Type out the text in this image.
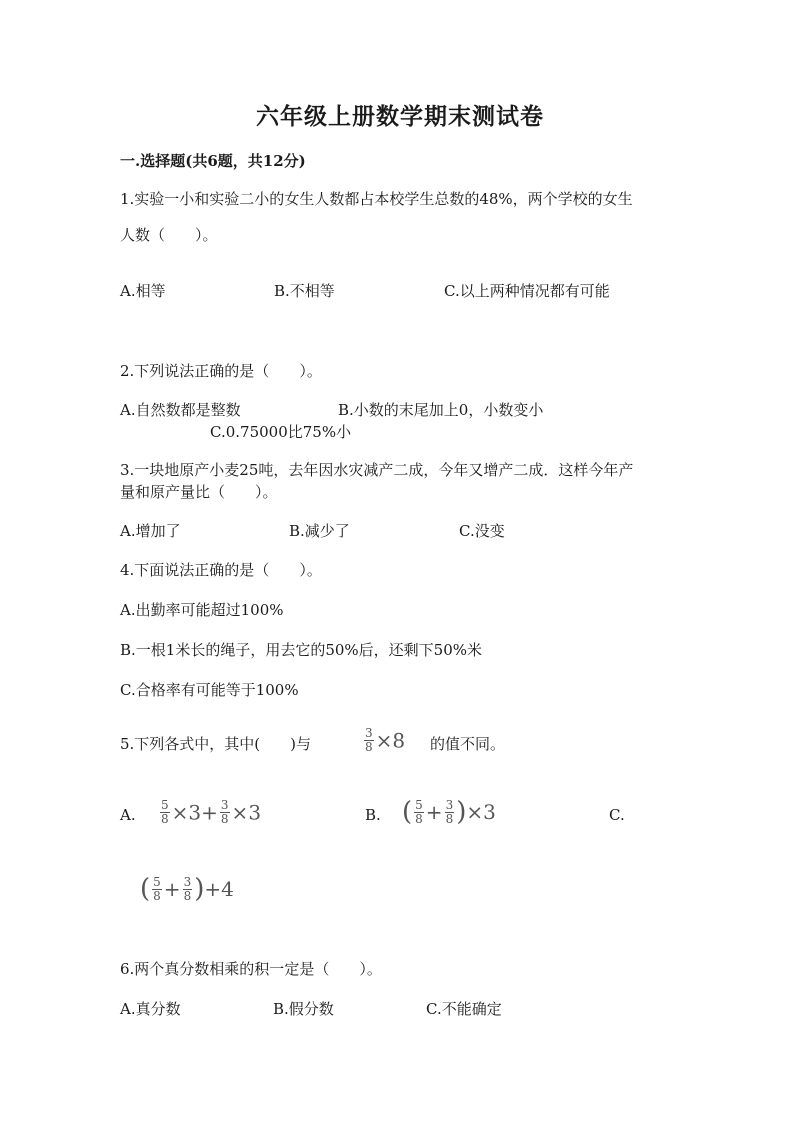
六年级上册数学期末测试卷
一.选择题(共6题，共12分)
1.实验一小和实验二小的女生人数都占本校学生总数的48%，两个学校的女生
人数（　　）。
A.相等	B.不相等	C.以上两种情况都有可能
2.下列说法正确的是（　　）。
A.自然数都是整数	B.小数的末尾加上0，小数变小
C.0.75000比75%小
3.一块地原产小麦25吨，去年因水灾减产二成，今年又增产二成．这样今年产
量和原产量比（　　）。
A.增加了	B.减少了	C.没变
4.下面说法正确的是（　　）。
A.出勤率可能超过100%
B.一根1米长的绳子，用去它的50%后，还剩下50%米
C.合格率有可能等于100%
5.下列各式中，其中(　　)与	$\frac{3}{8} \times 8$ 的值不同。
A. $\frac{5}{8} \times 3+ \frac{3}{8} \times 3$	B. ( $\frac{5}{8} + \frac{3}{8} )\times 3$	C.
( $\frac{5}{8} + \frac{3}{8} )+4$
6.两个真分数相乘的积一定是（　　）。
A.真分数	B.假分数	C.不能确定
